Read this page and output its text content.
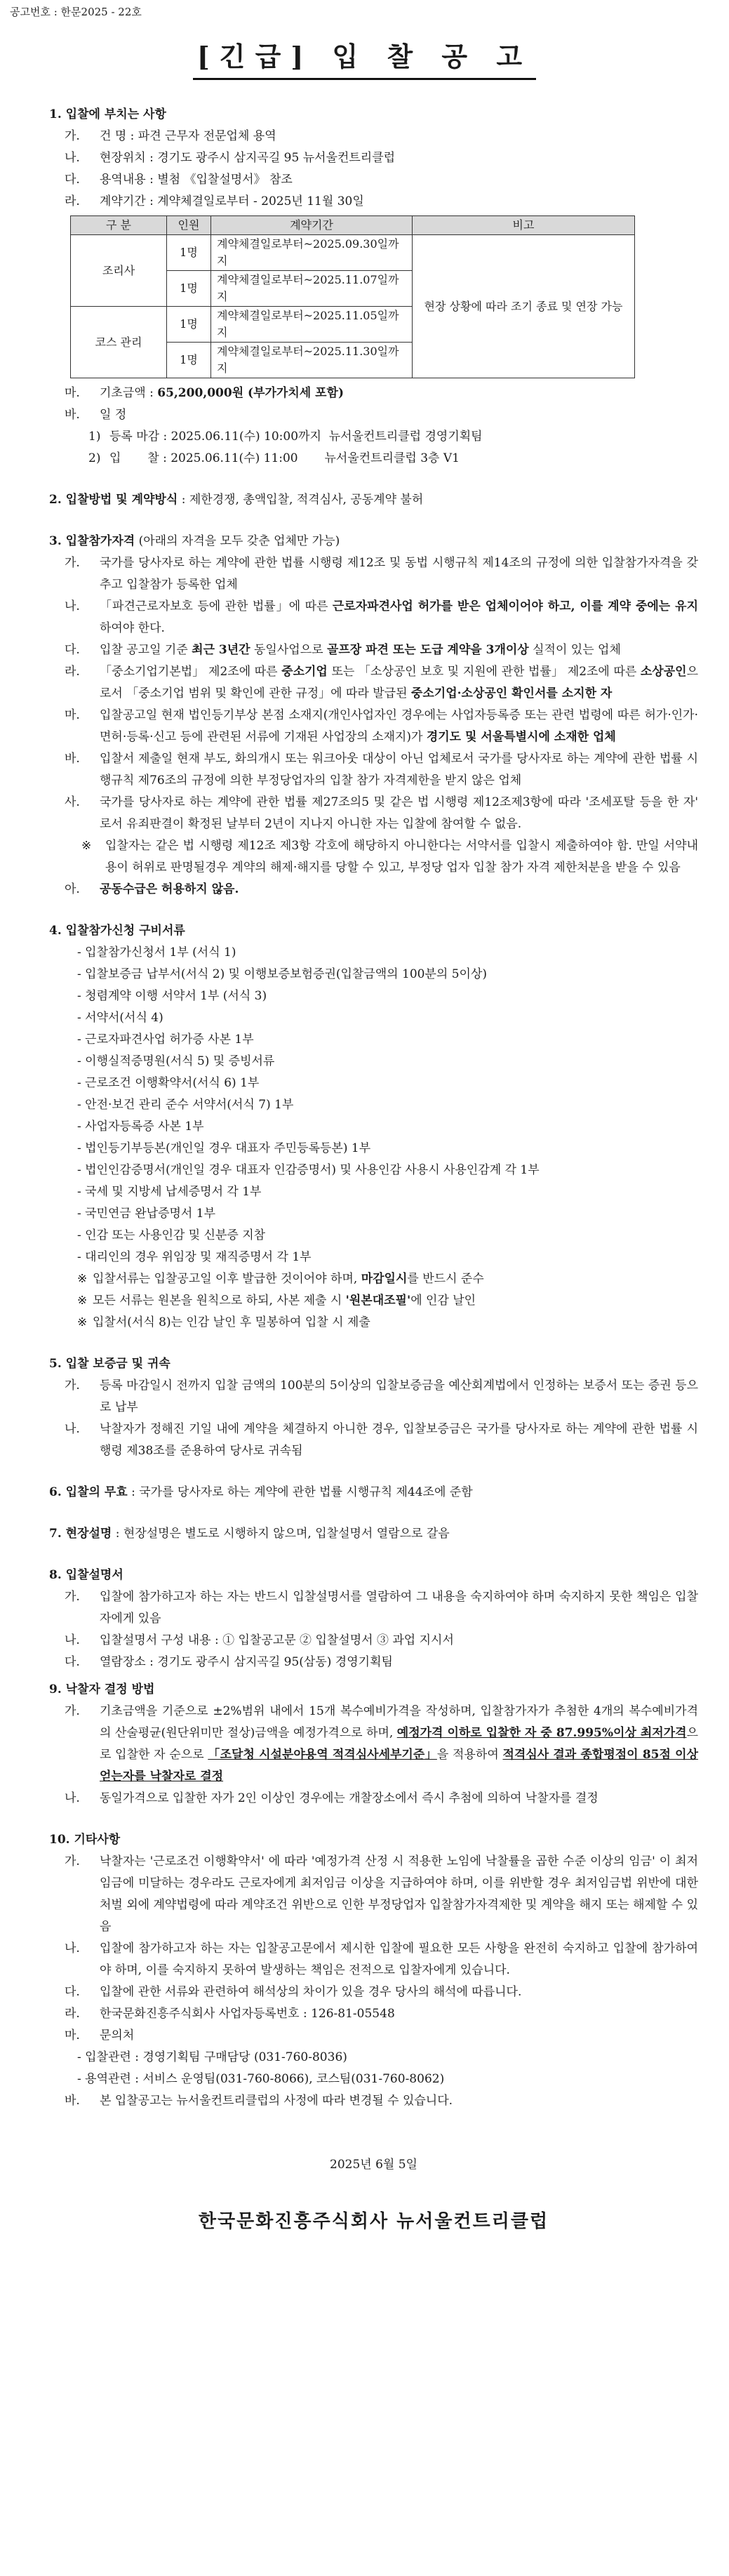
공고번호 : 한문2025 - 22호
[긴급] 입 찰 공 고
1. 입찰에 부치는 사항
가.	건 명 : 파견 근무자 전문업체 용역
나.	현장위치 : 경기도 광주시 삼지곡길 95 뉴서울컨트리클럽
다.	용역내용 : 별첨 《입찰설명서》 참조
라.	계약기간 : 계약체결일로부터 - 2025년 11월 30일
구 분	인원	계약기간	비고
조리사	1명	계약체결일로부터~2025.09.30일까지	현장 상황에 따라 조기 종료 및 연장 가능
	1명	계약체결일로부터~2025.11.07일까지	
코스 관리	1명	계약체결일로부터~2025.11.05일까지	
	1명	계약체결일로부터~2025.11.30일까지	
마.	기초금액 : 65,200,000원 (부가가치세 포함)
바.	일 정
1) 등록 마감 : 2025.06.11(수) 10:00까지  뉴서울컨트리클럽 경영기획팀
2) 입       찰 : 2025.06.11(수) 11:00       뉴서울컨트리클럽 3층 V1
2. 입찰방법 및 계약방식 : 제한경쟁, 총액입찰, 적격심사, 공동계약 불허
3. 입찰참가자격 (아래의 자격을 모두 갖춘 업체만 가능)
가.	국가를 당사자로 하는 계약에 관한 법률 시행령 제12조 및 동법 시행규칙 제14조의 규정에 의한 입찰참가자격을 갖추고 입찰참가 등록한 업체
나.	「파견근로자보호 등에 관한 법률」에 따른 근로자파견사업 허가를 받은 업체이어야 하고, 이를 계약 중에는 유지하여야 한다.
다.	입찰 공고일 기준 최근 3년간 동일사업으로 골프장 파견 또는 도급 계약을 3개이상 실적이 있는 업체
라.	「중소기업기본법」 제2조에 따른 중소기업 또는 「소상공인 보호 및 지원에 관한 법률」 제2조에 따른 소상공인으로서 「중소기업 범위 및 확인에 관한 규정」에 따라 발급된 중소기업·소상공인 확인서를 소지한 자
마.	입찰공고일 현재 법인등기부상 본점 소재지(개인사업자인 경우에는 사업자등록증 또는 관련 법령에 따른 허가·인가·면허·등록·신고 등에 관련된 서류에 기재된 사업장의 소재지)가 경기도 및 서울특별시에 소재한 업체
바.	입찰서 제출일 현재 부도, 화의개시 또는 워크아웃 대상이 아닌 업체로서 국가를 당사자로 하는 계약에 관한 법률 시행규칙 제76조의 규정에 의한 부정당업자의 입찰 참가 자격제한을 받지 않은 업체
사.	국가를 당사자로 하는 계약에 관한 법률 제27조의5 및 같은 법 시행령 제12조제3항에 따라 '조세포탈 등을 한 자' 로서 유죄판결이 확정된 날부터 2년이 지나지 아니한 자는 입찰에 참여할 수 없음.
※	입찰자는 같은 법 시행령 제12조 제3항 각호에 해당하지 아니한다는 서약서를 입찰시 제출하여야 함. 만일 서약내용이 허위로 판명될경우 계약의 해제·해지를 당할 수 있고, 부정당 업자 입찰 참가 자격 제한처분을 받을 수 있음
아.	공동수급은 허용하지 않음.
4. 입찰참가신청 구비서류
- 입찰참가신청서 1부 (서식 1)
- 입찰보증금 납부서(서식 2) 및 이행보증보험증권(입찰금액의 100분의 5이상)
- 청렴계약 이행 서약서 1부 (서식 3)
- 서약서(서식 4)
- 근로자파견사업 허가증 사본 1부
- 이행실적증명원(서식 5) 및 증빙서류
- 근로조건 이행확약서(서식 6) 1부
- 안전·보건 관리 준수 서약서(서식 7) 1부
- 사업자등록증 사본 1부
- 법인등기부등본(개인일 경우 대표자 주민등록등본) 1부
- 법인인감증명서(개인일 경우 대표자 인감증명서) 및 사용인감 사용시 사용인감계 각 1부
- 국세 및 지방세 납세증명서 각 1부
- 국민연금 완납증명서 1부
- 인감 또는 사용인감 및 신분증 지참
- 대리인의 경우 위임장 및 재직증명서 각 1부
※ 입찰서류는 입찰공고일 이후 발급한 것이어야 하며, 마감일시를 반드시 준수
※ 모든 서류는 원본을 원칙으로 하되, 사본 제출 시 '원본대조필'에 인감 날인
※ 입찰서(서식 8)는 인감 날인 후 밀봉하여 입찰 시 제출
5. 입찰 보증금 및 귀속
가.	등록 마감일시 전까지 입찰 금액의 100분의 5이상의 입찰보증금을 예산회계법에서 인정하는 보증서 또는 증권 등으로 납부
나.	낙찰자가 정해진 기일 내에 계약을 체결하지 아니한 경우, 입찰보증금은 국가를 당사자로 하는 계약에 관한 법률 시행령 제38조를 준용하여 당사로 귀속됨
6. 입찰의 무효 : 국가를 당사자로 하는 계약에 관한 법률 시행규칙 제44조에 준함
7. 현장설명 : 현장설명은 별도로 시행하지 않으며, 입찰설명서 열람으로 갈음
8. 입찰설명서
가.	입찰에 참가하고자 하는 자는 반드시 입찰설명서를 열람하여 그 내용을 숙지하여야 하며 숙지하지 못한 책임은 입찰자에게 있음
나.	입찰설명서 구성 내용 : ① 입찰공고문 ② 입찰설명서 ③ 과업 지시서
다.	열람장소 : 경기도 광주시 삼지곡길 95(삼동) 경영기획팀
9. 낙찰자 결정 방법
가.	기초금액을 기준으로 ±2%범위 내에서 15개 복수예비가격을 작성하며, 입찰참가자가 추첨한 4개의 복수예비가격의 산술평균(원단위미만 절상)금액을 예정가격으로 하며, 예정가격 이하로 입찰한 자 중 87.995%이상 최저가격으로 입찰한 자 순으로 「조달청 시설분야용역 적격심사세부기준」을 적용하여 적격심사 결과 종합평점이 85점 이상 얻는자를 낙찰자로 결정
나.	동일가격으로 입찰한 자가 2인 이상인 경우에는 개찰장소에서 즉시 추첨에 의하여 낙찰자를 결정
10. 기타사항
가.	낙찰자는 '근로조건 이행확약서' 에 따라 '예정가격 산정 시 적용한 노임에 낙찰률을 곱한 수준 이상의 임금' 이 최저임금에 미달하는 경우라도 근로자에게 최저임금 이상을 지급하여야 하며, 이를 위반할 경우 최저임금법 위반에 대한 처벌 외에 계약법령에 따라 계약조건 위반으로 인한 부정당업자 입찰참가자격제한 및 계약을 해지 또는 해제할 수 있음
나.	입찰에 참가하고자 하는 자는 입찰공고문에서 제시한 입찰에 필요한 모든 사항을 완전히 숙지하고 입찰에 참가하여야 하며, 이를 숙지하지 못하여 발생하는 책임은 전적으로 입찰자에게 있습니다.
다.	입찰에 관한 서류와 관련하여 해석상의 차이가 있을 경우 당사의 해석에 따릅니다.
라.	한국문화진흥주식회사 사업자등록번호 : 126-81-05548
마.	문의처
- 입찰관련 : 경영기획팀 구매담당 (031-760-8036)
- 용역관련 : 서비스 운영팀(031-760-8066), 코스팀(031-760-8062)
바.	본 입찰공고는 뉴서울컨트리클럽의 사정에 따라 변경될 수 있습니다.
2025년 6월 5일
한국문화진흥주식회사 뉴서울컨트리클럽
